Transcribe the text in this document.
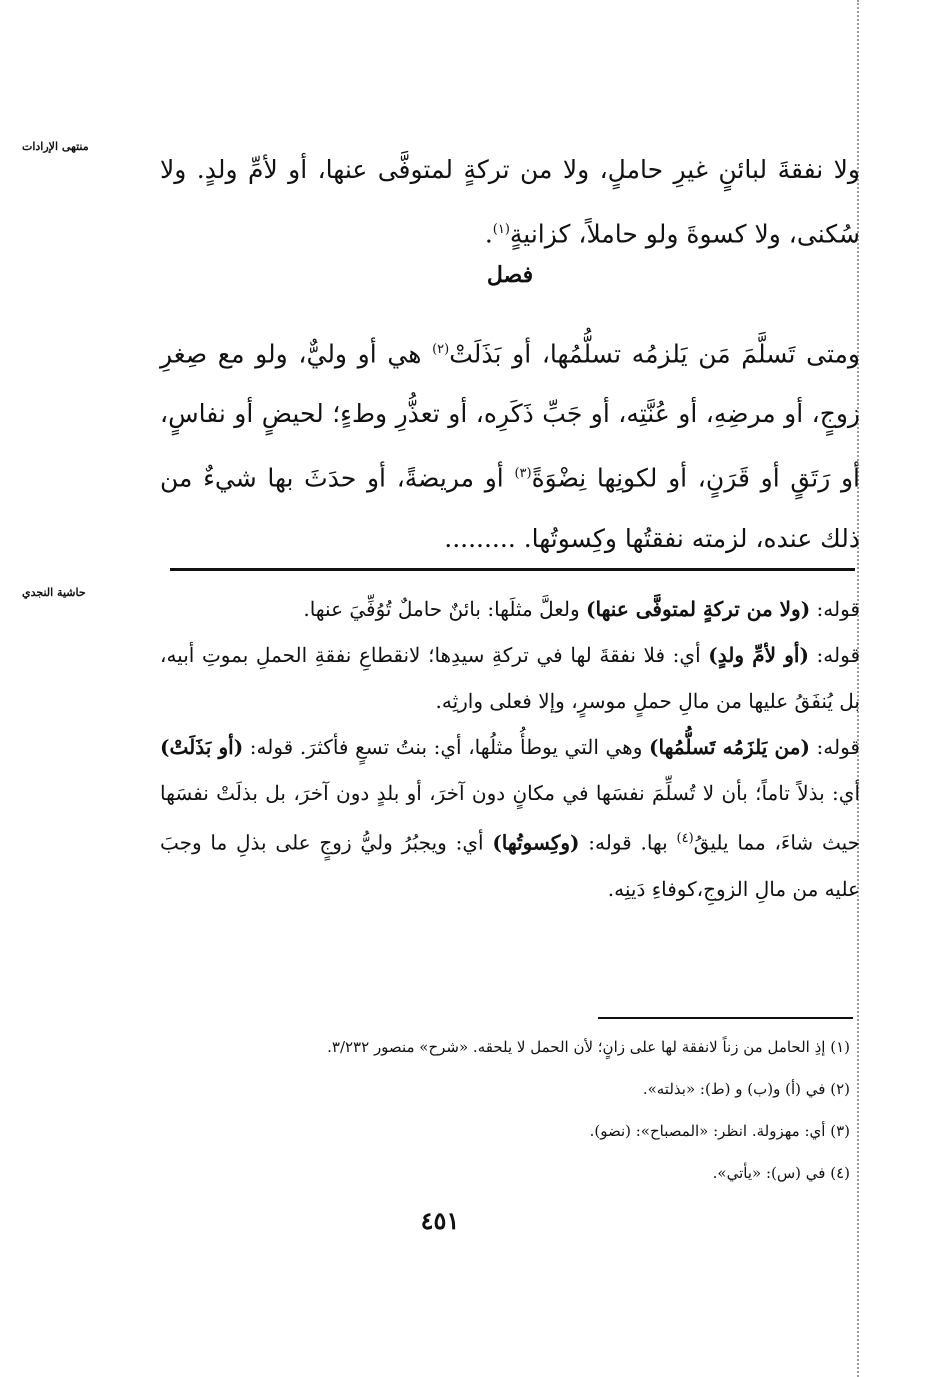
منتهى الإرادات

ولا نفقةَ لبائنٍ غيرِ حاملٍ، ولا من تركةٍ لمتوفَّى عنها، أو لأمِّ ولدٍ. ولا سُكنى، ولا كسوةَ ولو حاملاً، كزانيةٍ$^{(١)}$.

فصل

ومتى تَسلَّمَ مَن يَلزمُه تسلُّمُها، أو بَذَلَتْ$^{(٢)}$ هي أو وليٌّ، ولو مع صِغرِ زوجٍ، أو مرضِهِ، أو عُنَّتِه، أو جَبِّ ذَكَرِه، أو تعذُّرِ وطءٍ؛ لحيضٍ أو نفاسٍ، أو رَتَقٍ أو قَرَنٍ، أو لكونِها نِضْوَةً$^{(٣)}$ أو مريضةً، أو حدَثَ بها شيءٌ من ذلك عنده، لزمته نفقتُها وكِسوتُها. .........

حاشية النجدي

قوله: (ولا من تركةٍ لمتوفَّى عنها) ولعلَّ مثلَها: بائنٌ حاملٌ تُوُفِّيَ عنها.

قوله: (أو لأمِّ ولدٍ) أي: فلا نفقةَ لها في تركةِ سيدِها؛ لانقطاعِ نفقةِ الحملِ بموتِ أبيه، بل يُنفَقُ عليها من مالِ حملٍ موسرٍ، وإلا فعلى وارثِه.

قوله: (من يَلزَمُه تَسلُّمُها) وهي التي يوطأُ مثلُها، أي: بنتُ تسعٍ فأكثرَ. قوله: (أو بَذَلَتْ) أي: بذلاً تاماً؛ بأن لا تُسلِّمَ نفسَها في مكانٍ دون آخرَ، أو بلدٍ دون آخرَ، بل بذلَتْ نفسَها حيث شاءَ، مما يليقُ$^{(٤)}$ بها. قوله: (وكِسوتُها) أي: ويجبُرُ وليُّ زوجٍ على بذلِ ما وجبَ عليه من مالِ الزوجِ،كوفاءِ دَينِه.

(١) إذِ الحامل من زناً لانفقة لها على زانٍ؛ لأن الحمل لا يلحقه. «شرح» منصور ٣/٢٣٢.
(٢) في (أ) و(ب) و (ط): «بذلته».
(٣) أي: مهزولة. انظر: «المصباح»: (نضو).
(٤) في (س): «يأتي».
٤٥١
